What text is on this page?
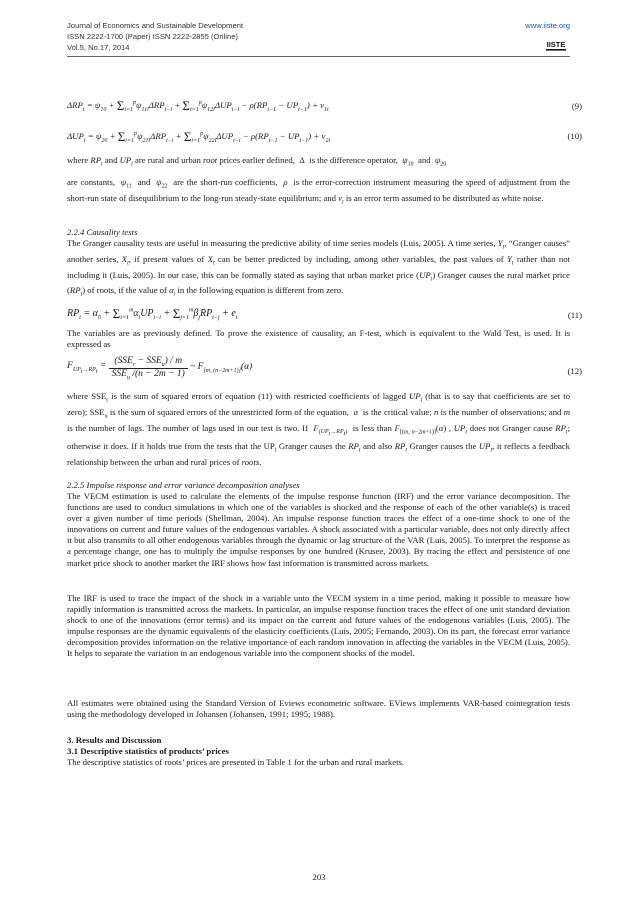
Journal of Economics and Sustainable Development
ISSN 2222-1700 (Paper) ISSN 2222-2855 (Online)
Vol.5, No.17, 2014
www.iiste.org
IISTE
$\Delta RP_t = \psi_{10} + \Sigma_{i=1}^p\psi_{11i}\Delta RP_{t-i} + \Sigma_{i=1}^p\psi_{12i}\Delta UP_{t-i} - \rho(RP_{t-1} - UP_{t-1}) + v_{1t}$	(9)
$\Delta UP_t = \psi_{20} + \Sigma_{i=1}^p\psi_{21i}\Delta RP_{t-i} + \Sigma_{i=1}^p\psi_{22i}\Delta UP_{t-i} - \rho(RP_{t-1} - UP_{t-1}) + v_{2t}$	(10)

where $RP_t$ and $UP_t$ are rural and urban root prices earlier defined,  Δ  is the difference operator,  $\psi_{10}$  and  $\psi_{20}$

are constants,  $\psi_{11}$  and  $\psi_{22}$  are the short-run coefficients,  ρ  is the error-correction instrument measuring the speed of adjustment from the short-run state of disequilibrium to the long-run steady-state equilibrium; and $v_t$ is an error term assumed to be distributed as white noise.

2.2.4 Causality tests

The Granger causality tests are useful in measuring the predictive ability of time series models (Luis, 2005). A time series, $Y_t$, “Granger causes” another series, $X_t$, if present values of $X_t$ can be better predicted by including, among other variables, the past values of $Y_t$ rather than not including it (Luis, 2005). In our case, this can be formally stated as saying that urban market price $(UP_t)$ Granger causes the rural market price $(RP_t)$ of roots, if the value of $\alpha_i$ in the following equation is different from zero.

$RP_t = \alpha_0 + \Sigma_{i=1}^m\alpha_iUP_{t-i} + \Sigma_{j=1}^m\beta_jRP_{t-j} + e_t$	(11)
The variables are as previously defined. To prove the existence of causality, an F-test, which is equivalent to the Wald Test, is used. It is expressed as
$F_{UP_t\to RP_t}$ =
$(SSE_r - SSE_u) / m$
$SSE_u$ /(n − 2m − 1)
~ $F_{[m, (n-2m+1)]}(\alpha)$	(12)

where $SSE_r$ is the sum of squared errors of equation (11) with restricted coefficients of lagged $UP_t$ (that is to say that coefficients are set to zero); $SSE_u$ is the sum of squared errors of the unrestricted form of the equation,  α  is the critical value; n is the number of observations; and m is the number of lags. The number of lags used in our test is two. If  $F_{(UP_t\to RP_t)}$  is less than $F_{[(m, n-2m+1)]}(\alpha)$ , $UP_t$ does not Granger cause $RP_t$; otherwise it does. If it holds true from the tests that the $UP_t$ Granger causes the $RP_t$ and also $RP_t$ Granger causes the $UP_t$, it reflects a feedback relationship between the urban and rural prices of roots.

2.2.5 Impulse response and error variance decomposition analyses
The VECM estimation is used to calculate the elements of the impulse response function (IRF) and the error variance decomposition. The functions are used to conduct simulations in which one of the variables is shocked and the response of each of the other variable(s) is traced over a given number of time periods (Shellman, 2004). An impulse response function traces the effect of a one-time shock to one of the innovations on current and future values of the endogenous variables. A shock associated with a particular variable, does not only directly affect it but also transmits to all other endogenous variables through the dynamic or lag structure of the VAR (Luis, 2005). To interpret the response as a percentage change, one has to multiply the impulse responses by one hundred (Krusee, 2003). By tracing the effect and persistence of one market price shock to another market the IRF shows how fast information is transmitted across markets.
The IRF is used to trace the impact of the shock in a variable unto the VECM system in a time period, making it possible to measure how rapidly information is transmitted across the markets. In particular, an impulse response function traces the effect of one unit standard deviation shock to one of the innovations (error terms) and its impact on the current and future values of the endogenous variables (Luis, 2005). The impulse responses are the dynamic equivalents of the elasticity coefficients (Luis, 2005; Fernando, 2003). On its part, the forecast error variance decomposition provides information on the relative importance of each random innovation in affecting the variables in the VECM (Luis, 2005). It helps to separate the variation in an endogenous variable into the component shocks of the model.
All estimates were obtained using the Standard Version of Eviews econometric software. EViews implements VAR-based cointegration tests using the methodology developed in Johansen (Johansen, 1991; 1995; 1988).
3. Results and Discussion
3.1 Descriptive statistics of products’ prices
The descriptive statistics of roots’ prices are presented in Table 1 for the urban and rural markets.
203
